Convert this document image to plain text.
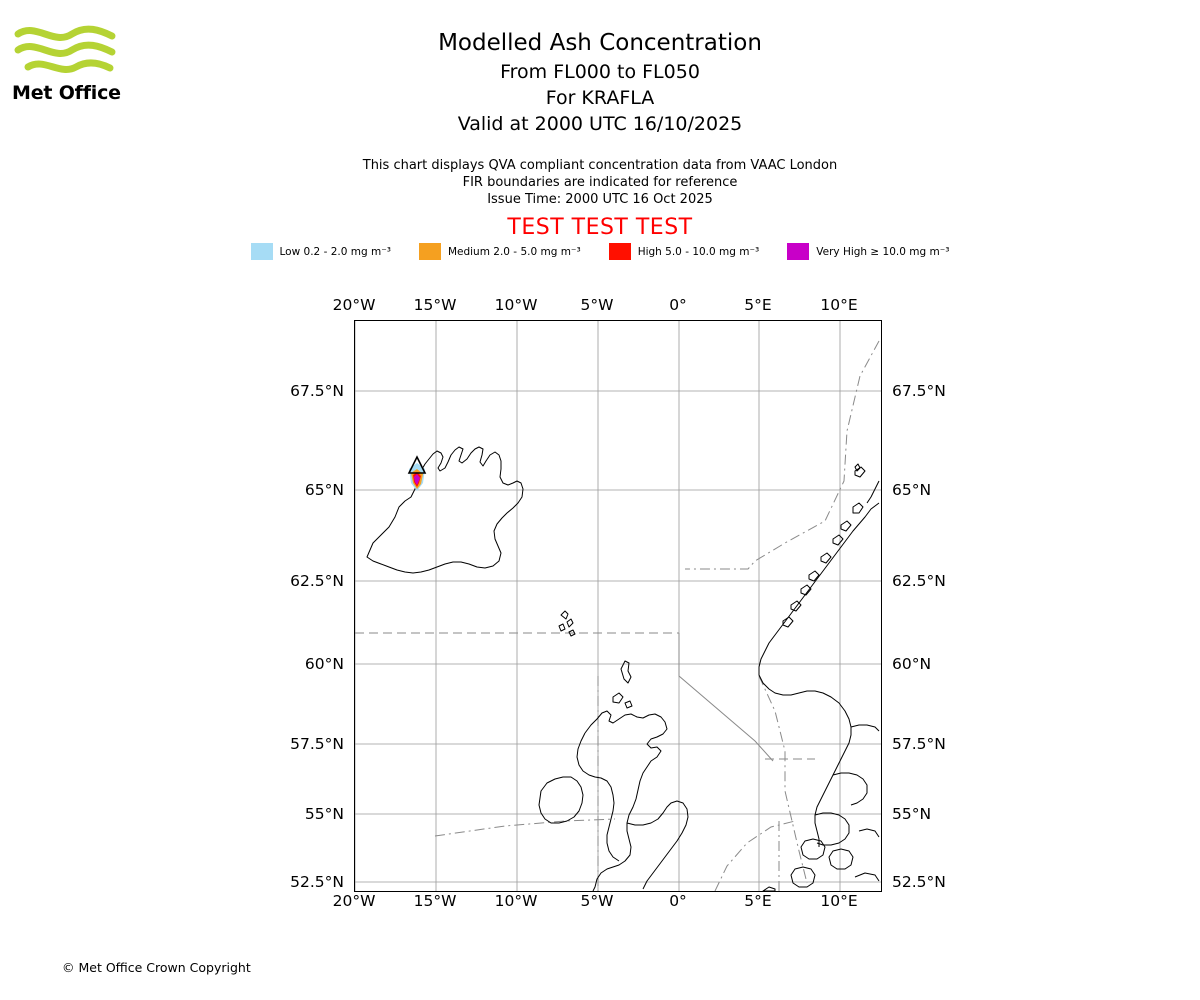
Met Office
Modelled Ash Concentration
From FL000 to FL050
For KRAFLA
Valid at 2000 UTC 16/10/2025
This chart displays QVA compliant concentration data from VAAC London
FIR boundaries are indicated for reference
Issue Time: 2000 UTC 16 Oct 2025
TEST TEST TEST
Low 0.2 - 2.0 mg m⁻³	Medium 2.0 - 5.0 mg m⁻³	High 5.0 - 10.0 mg m⁻³	Very High ≥ 10.0 mg m⁻³
20°W 15°W 10°W	5°W	0°	5°E	10°E
20°W 15°W 10°W	5°W	0°	5°E	10°E
67.5°N
65°N
62.5°N
60°N
57.5°N
55°N
52.5°N
67.5°N
65°N
62.5°N
60°N
57.5°N
55°N
52.5°N
© Met Office Crown Copyright
